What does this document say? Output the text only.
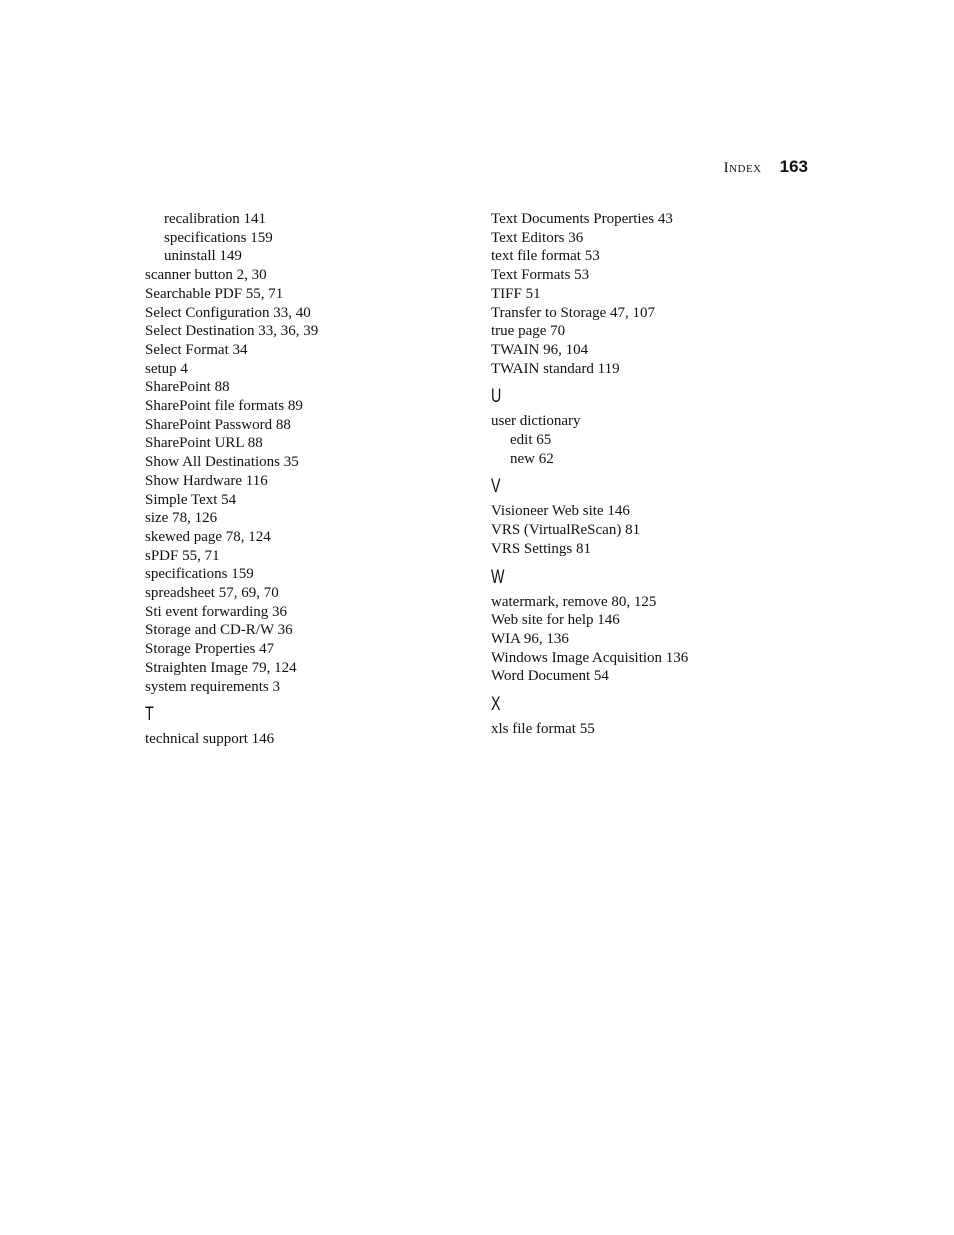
Index 163
recalibration 141
specifications 159
uninstall 149
scanner button 2, 30
Searchable PDF 55, 71
Select Configuration 33, 40
Select Destination 33, 36, 39
Select Format 34
setup 4
SharePoint 88
SharePoint file formats 89
SharePoint Password 88
SharePoint URL 88
Show All Destinations 35
Show Hardware 116
Simple Text 54
size 78, 126
skewed page 78, 124
sPDF 55, 71
specifications 159
spreadsheet 57, 69, 70
Sti event forwarding 36
Storage and CD-R/W 36
Storage Properties 47
Straighten Image 79, 124
system requirements 3
T
technical support 146
Text Documents Properties 43
Text Editors 36
text file format 53
Text Formats 53
TIFF 51
Transfer to Storage 47, 107
true page 70
TWAIN 96, 104
TWAIN standard 119
U
user dictionary
edit 65
new 62
V
Visioneer Web site 146
VRS (VirtualReScan) 81
VRS Settings 81
W
watermark, remove 80, 125
Web site for help 146
WIA 96, 136
Windows Image Acquisition 136
Word Document 54
X
xls file format 55
